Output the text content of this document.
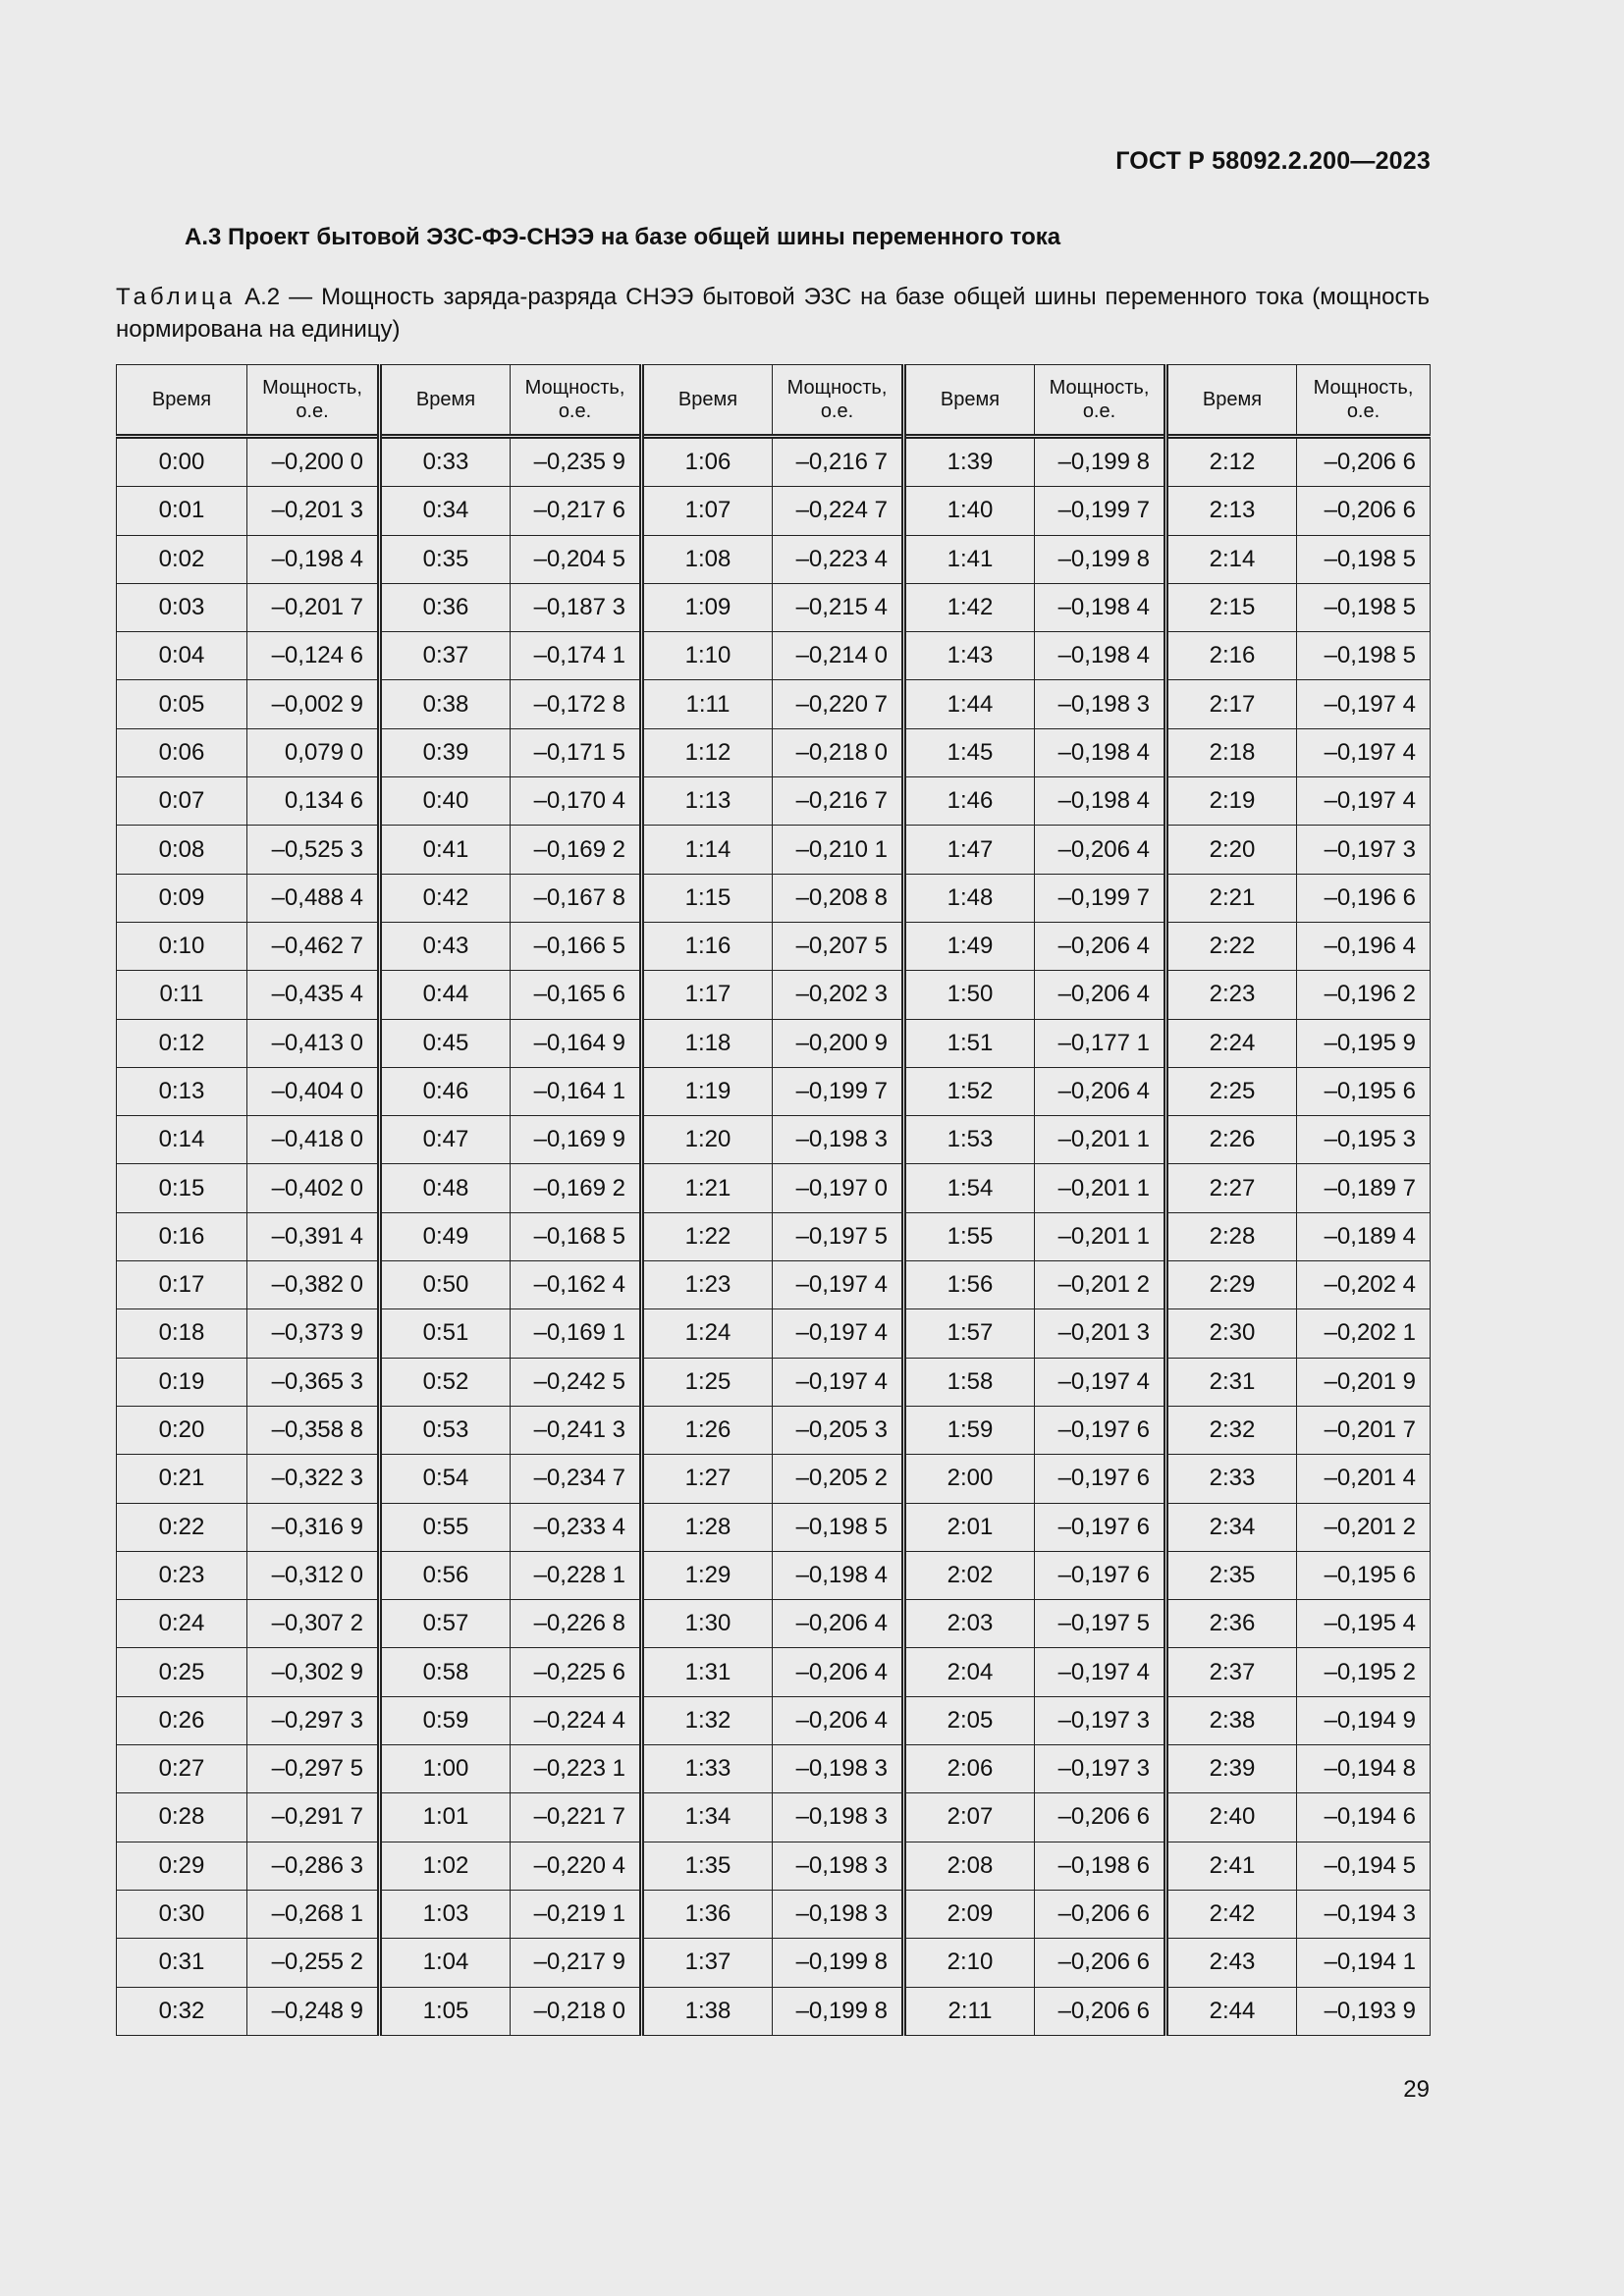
ГОСТ Р 58092.2.200—2023
А.3 Проект бытовой ЭЗС-ФЭ-СНЭЭ на базе общей шины переменного тока
Таблица А.2 — Мощность заряда-разряда СНЭЭ бытовой ЭЗС на базе общей шины переменного тока (мощность нормирована на единицу)
Время	Мощность, о.е.	Время	Мощность, о.е.	Время	Мощность, о.е.	Время	Мощность, о.е.	Время	Мощность, о.е.
0:00	–0,200 0	0:33	–0,235 9	1:06	–0,216 7	1:39	–0,199 8	2:12	–0,206 6
0:01	–0,201 3	0:34	–0,217 6	1:07	–0,224 7	1:40	–0,199 7	2:13	–0,206 6
0:02	–0,198 4	0:35	–0,204 5	1:08	–0,223 4	1:41	–0,199 8	2:14	–0,198 5
0:03	–0,201 7	0:36	–0,187 3	1:09	–0,215 4	1:42	–0,198 4	2:15	–0,198 5
0:04	–0,124 6	0:37	–0,174 1	1:10	–0,214 0	1:43	–0,198 4	2:16	–0,198 5
0:05	–0,002 9	0:38	–0,172 8	1:11	–0,220 7	1:44	–0,198 3	2:17	–0,197 4
0:06	0,079 0	0:39	–0,171 5	1:12	–0,218 0	1:45	–0,198 4	2:18	–0,197 4
0:07	0,134 6	0:40	–0,170 4	1:13	–0,216 7	1:46	–0,198 4	2:19	–0,197 4
0:08	–0,525 3	0:41	–0,169 2	1:14	–0,210 1	1:47	–0,206 4	2:20	–0,197 3
0:09	–0,488 4	0:42	–0,167 8	1:15	–0,208 8	1:48	–0,199 7	2:21	–0,196 6
0:10	–0,462 7	0:43	–0,166 5	1:16	–0,207 5	1:49	–0,206 4	2:22	–0,196 4
0:11	–0,435 4	0:44	–0,165 6	1:17	–0,202 3	1:50	–0,206 4	2:23	–0,196 2
0:12	–0,413 0	0:45	–0,164 9	1:18	–0,200 9	1:51	–0,177 1	2:24	–0,195 9
0:13	–0,404 0	0:46	–0,164 1	1:19	–0,199 7	1:52	–0,206 4	2:25	–0,195 6
0:14	–0,418 0	0:47	–0,169 9	1:20	–0,198 3	1:53	–0,201 1	2:26	–0,195 3
0:15	–0,402 0	0:48	–0,169 2	1:21	–0,197 0	1:54	–0,201 1	2:27	–0,189 7
0:16	–0,391 4	0:49	–0,168 5	1:22	–0,197 5	1:55	–0,201 1	2:28	–0,189 4
0:17	–0,382 0	0:50	–0,162 4	1:23	–0,197 4	1:56	–0,201 2	2:29	–0,202 4
0:18	–0,373 9	0:51	–0,169 1	1:24	–0,197 4	1:57	–0,201 3	2:30	–0,202 1
0:19	–0,365 3	0:52	–0,242 5	1:25	–0,197 4	1:58	–0,197 4	2:31	–0,201 9
0:20	–0,358 8	0:53	–0,241 3	1:26	–0,205 3	1:59	–0,197 6	2:32	–0,201 7
0:21	–0,322 3	0:54	–0,234 7	1:27	–0,205 2	2:00	–0,197 6	2:33	–0,201 4
0:22	–0,316 9	0:55	–0,233 4	1:28	–0,198 5	2:01	–0,197 6	2:34	–0,201 2
0:23	–0,312 0	0:56	–0,228 1	1:29	–0,198 4	2:02	–0,197 6	2:35	–0,195 6
0:24	–0,307 2	0:57	–0,226 8	1:30	–0,206 4	2:03	–0,197 5	2:36	–0,195 4
0:25	–0,302 9	0:58	–0,225 6	1:31	–0,206 4	2:04	–0,197 4	2:37	–0,195 2
0:26	–0,297 3	0:59	–0,224 4	1:32	–0,206 4	2:05	–0,197 3	2:38	–0,194 9
0:27	–0,297 5	1:00	–0,223 1	1:33	–0,198 3	2:06	–0,197 3	2:39	–0,194 8
0:28	–0,291 7	1:01	–0,221 7	1:34	–0,198 3	2:07	–0,206 6	2:40	–0,194 6
0:29	–0,286 3	1:02	–0,220 4	1:35	–0,198 3	2:08	–0,198 6	2:41	–0,194 5
0:30	–0,268 1	1:03	–0,219 1	1:36	–0,198 3	2:09	–0,206 6	2:42	–0,194 3
0:31	–0,255 2	1:04	–0,217 9	1:37	–0,199 8	2:10	–0,206 6	2:43	–0,194 1
0:32	–0,248 9	1:05	–0,218 0	1:38	–0,199 8	2:11	–0,206 6	2:44	–0,193 9
29
